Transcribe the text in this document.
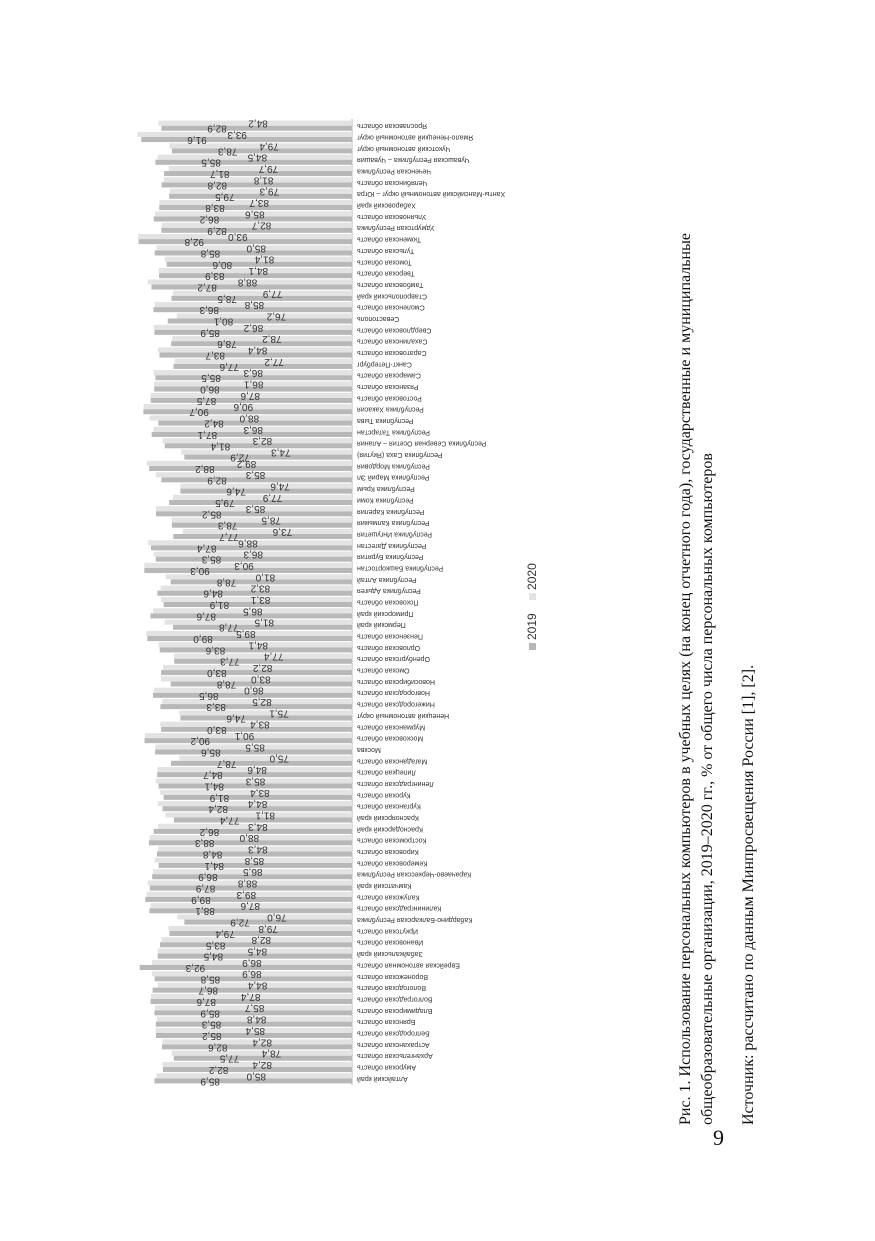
Алтайский край
85,9	85,0
Амурская область
82,2 82,4
Архангельская область
77,5 78,4
Астраханская область
82,6 82,4
Белгородская область
85,2 85,4
Брянская область
85,3	84,8
Владимирская область
85,9 85,7
Волгоградская область
87,6 87,4
Вологодская область
86,7	84,4
Воронежская область
85,8 86,9
Еврейская автономная область
92,3	86,9
Забайкальский край
84,5 84,5
Ивановская область
83,5	82,8
Иркутская область
79,4 79,8
Кабардино-Балкарская Республика
72,9 76,0
Калининградская область
88,1	87,6
Калужская область
89,9	89,3
Камчатский край
87,9 88,8
Карачаево-Черкесская Республика
86,9	86,5
Кемеровская область
84,1 85,8
Кировская область
84,8	84,3
Костромская область
88,3	88,0
Краснодарский край
86,2	84,3
Красноярский край
77,4 81,1
Курганская область
82,4 84,4
Курская область
81,9 83,4
Ленинградская область
84,1 85,3
Липецкая область
84,7 84,6
Магаданская область
78,7	75,0
Москва
85,6 85,5
Московская область
90,2 90,1
Мурманская область
83,0 83,4
Ненецкий автономный округ
74,6 75,1
Нижегородская область
83,3	82,5
Новгородская область
86,5	86,0
Новосибирская область
78,8 83,0
Омская область
83,0	82,2
Оренбургская область
77,3 77,4
Орловская область
83,6 84,1
Пензенская область
89,0 89,5
Пермский край
77,8 81,5
Приморский край
87,6	86,5
Псковская область
81,9 83,1
Республика Адыгея
84,6	83,2
Республика Алтай
78,8 81,0
Республика Башкортостан
90,3 90,3
Республика Бурятия
85,3 86,3
Республика Дагестан
87,4 88,6
Республика Ингушетия
77,7	73,6
Республика Калмыкия
78,3 78,5
Республика Карелия
85,2 85,3
Республика Коми
79,5	77,9
Республика Крым
74,6 74,6
Республика Марий Эл
82,9 85,3
Республика Мордовия
88,2 89,2
Республика Саха (Якутия)
72,9 74,3
Республика Северная Осетия – Алания
81,4 82,3
Республика Татарстан
87,1	86,3
Республика Тыва
84,2 88,0
Республика Хакасия
90,7 90,6
Ростовская область
87,5 87,6
Рязанская область
86,0 86,1
Самарская область
85,5 86,3
Санкт-Петербург
77,6	77,2
Саратовская область
83,7 84,4
Сахалинская область
78,6	78,2
Свердловская область
85,9 86,2
Севастополь
80,1	76,2
Смоленская область
86,3	85,8
Ставропольский край
78,5	77,9
Тамбовская область
87,2 88,8
Тверская область
83,9 84,1
Томская область
80,6 81,4
Тульская область
85,8	85,0
Тюменская область
92,8 93,0
Удмуртская Республика
82,9 82,7
Ульяновская область
86,2	85,6
Хабаровский край
83,8 83,7
Ханты-Мансийский автономный округ – Югра
79,5 79,3
Челябинская область
82,8	81,8
Чеченская Республика
81,7	79,7
Чувашская Республика – Чувашия
85,5	84,5
Чукотский автономный округ
78,3 79,4
Ямало-Ненецкий автономный округ
91,6 93,3
Ярославская область
82,9 84,2
2019 2020	Рис. 1. Использование персональных компьютеров в учебных целях (на конец отчетного года), государственные и муниципальные общеобразовательные организации, 2019–2020 гг., % от общего числа персональных компьютеров Источник: рассчитано по данным Минпросвещения России [1], [2].
9
